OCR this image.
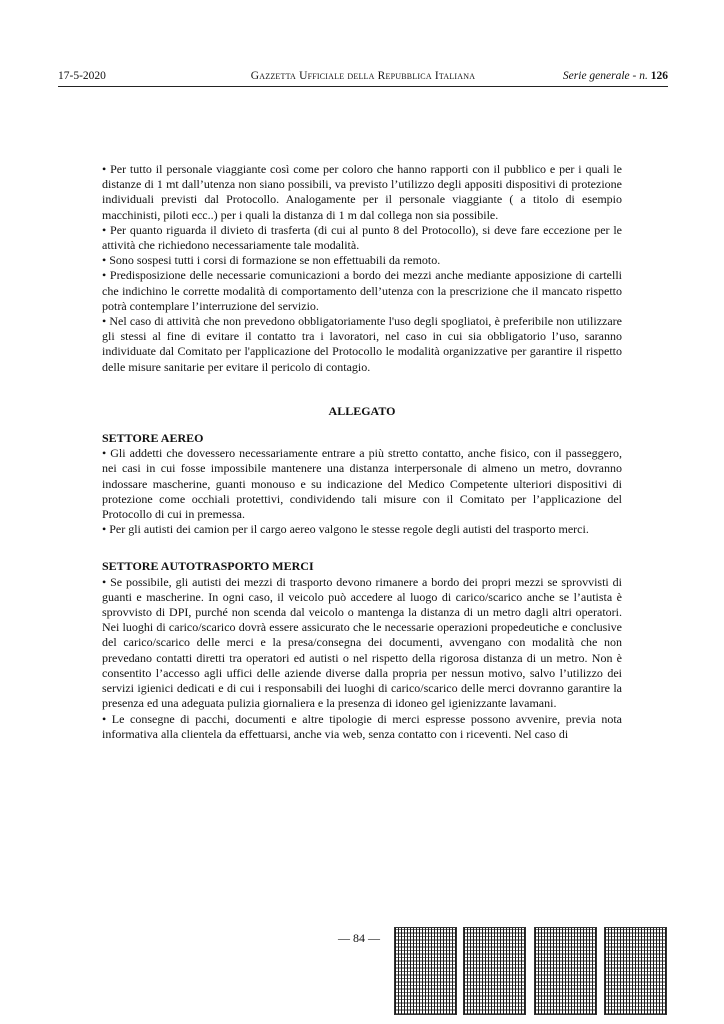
17-5-2020	Gazzetta Ufficiale della Repubblica Italiana	Serie generale - n. 126

• Per tutto il personale viaggiante così come per coloro che hanno rapporti con il pubblico e per i quali le distanze di 1 mt dall’utenza non siano possibili, va previsto l’utilizzo degli appositi dispositivi di protezione individuali previsti dal Protocollo. Analogamente per il personale viaggiante ( a titolo di esempio macchinisti, piloti ecc..) per i quali la distanza di 1 m dal collega non sia possibile.

• Per quanto riguarda il divieto di trasferta (di cui al punto 8 del Protocollo), si deve fare eccezione per le attività che richiedono necessariamente tale modalità.

• Sono sospesi tutti i corsi di formazione se non effettuabili da remoto.

• Predisposizione delle necessarie comunicazioni a bordo dei mezzi anche mediante apposizione di cartelli che indichino le corrette modalità di comportamento dell’utenza con la prescrizione che il mancato rispetto potrà contemplare l’interruzione del servizio.

• Nel caso di attività che non prevedono obbligatoriamente l'uso degli spogliatoi, è preferibile non utilizzare gli stessi al fine di evitare il contatto tra i lavoratori, nel caso in cui sia obbligatorio l’uso, saranno individuate dal Comitato per l'applicazione del Protocollo le modalità organizzative per garantire il rispetto delle misure sanitarie per evitare il pericolo di contagio.

ALLEGATO

SETTORE AEREO

• Gli addetti che dovessero necessariamente entrare a più stretto contatto, anche fisico, con il passeggero, nei casi in cui fosse impossibile mantenere una distanza interpersonale di almeno un metro, dovranno indossare mascherine, guanti monouso e su indicazione del Medico Competente ulteriori dispositivi di protezione come occhiali protettivi, condividendo tali misure con il Comitato per l’applicazione del Protocollo di cui in premessa.

• Per gli autisti dei camion per il cargo aereo valgono le stesse regole degli autisti del trasporto merci.

SETTORE AUTOTRASPORTO MERCI

• Se possibile, gli autisti dei mezzi di trasporto devono rimanere a bordo dei propri mezzi se sprovvisti di guanti e mascherine. In ogni caso, il veicolo può accedere al luogo di carico/scarico anche se l’autista è sprovvisto di DPI, purché non scenda dal veicolo o mantenga la distanza di un metro dagli altri operatori. Nei luoghi di carico/scarico dovrà essere assicurato che le necessarie operazioni propedeutiche e conclusive del carico/scarico delle merci e la presa/consegna dei documenti, avvengano con modalità che non prevedano contatti diretti tra operatori ed autisti o nel rispetto della rigorosa distanza di un metro. Non è consentito l’accesso agli uffici delle aziende diverse dalla propria per nessun motivo, salvo l’utilizzo dei servizi igienici dedicati e di cui i responsabili dei luoghi di carico/scarico delle merci dovranno garantire la presenza ed una adeguata pulizia giornaliera e la presenza di idoneo gel igienizzante lavamani.

• Le consegne di pacchi, documenti e altre tipologie di merci espresse possono avvenire, previa nota informativa alla clientela da effettuarsi, anche via web, senza contatto con i riceventi. Nel caso di

— 84 —
